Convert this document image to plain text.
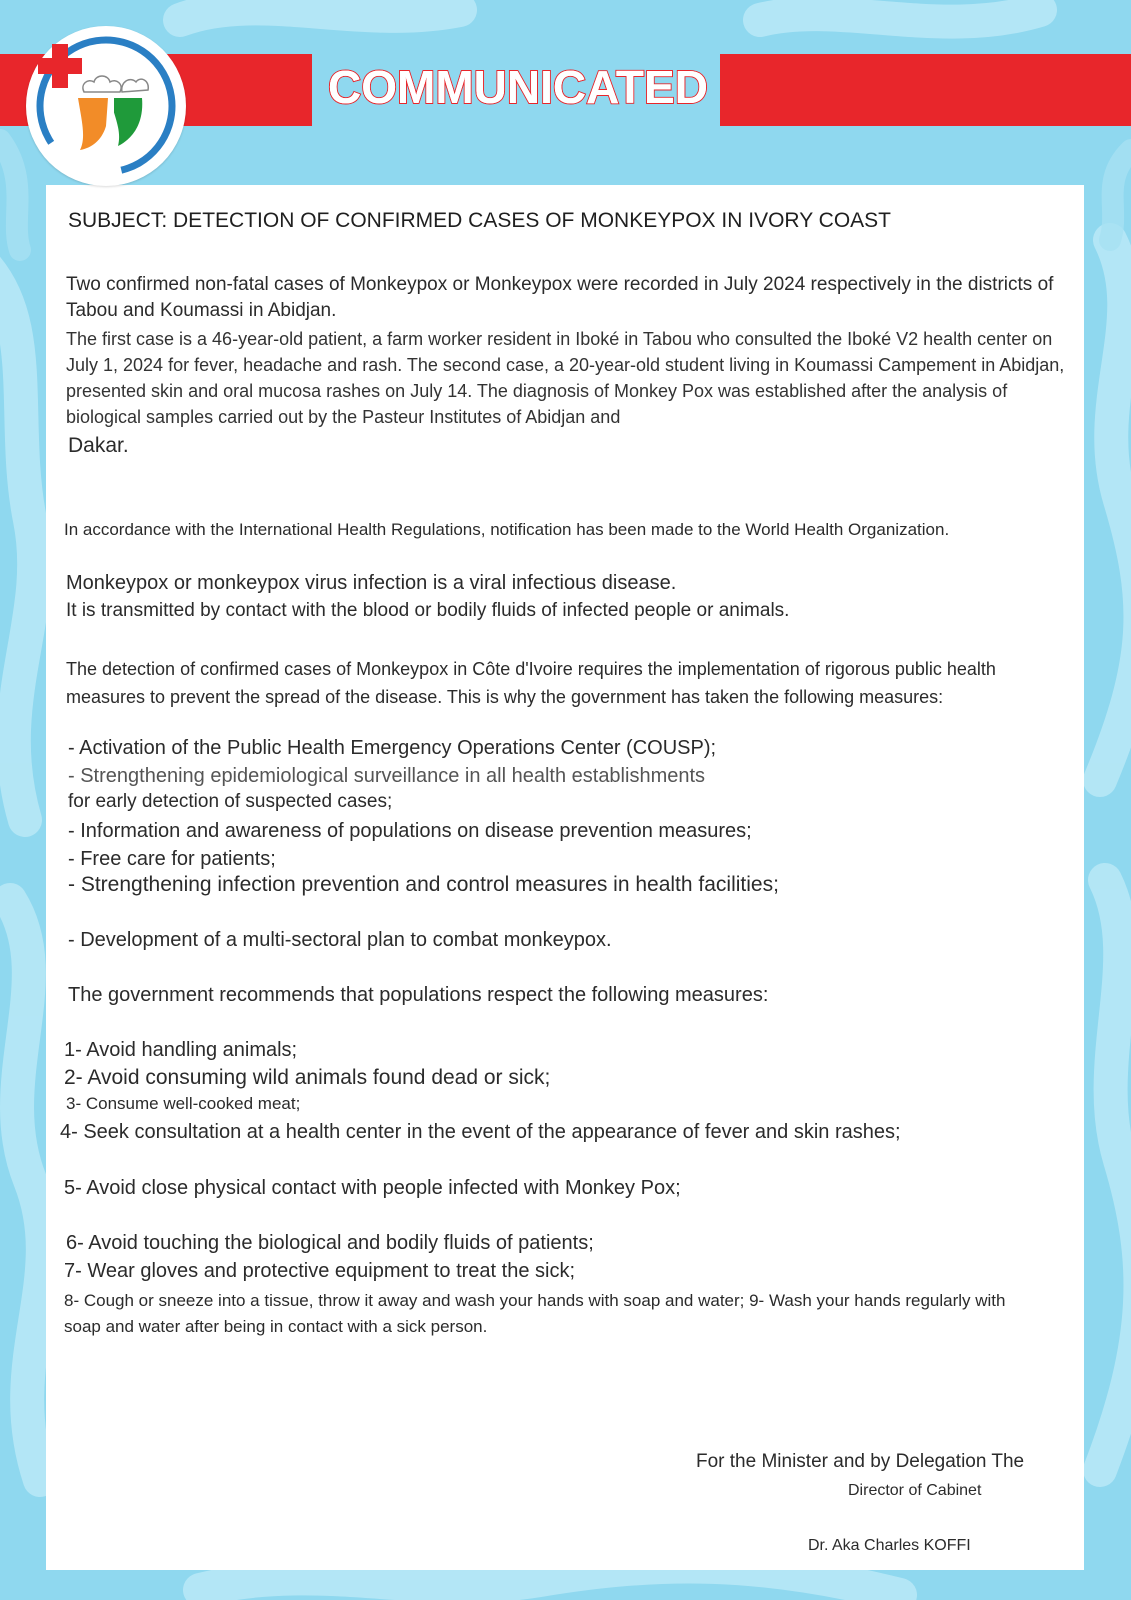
COMMUNICATED

SUBJECT: DETECTION OF CONFIRMED CASES OF MONKEYPOX IN IVORY COAST

Two confirmed non-fatal cases of Monkeypox or Monkeypox were recorded in July 2024 respectively in the districts of Tabou and Koumassi in Abidjan.

The first case is a 46-year-old patient, a farm worker resident in Iboké in Tabou who consulted the Iboké V2 health center on July 1, 2024 for fever, headache and rash. The second case, a 20-year-old student living in Koumassi Campement in Abidjan, presented skin and oral mucosa rashes on July 14. The diagnosis of Monkey Pox was established after the analysis of biological samples carried out by the Pasteur Institutes of Abidjan and

Dakar.

In accordance with the International Health Regulations, notification has been made to the World Health Organization.

Monkeypox or monkeypox virus infection is a viral infectious disease.

It is transmitted by contact with the blood or bodily fluids of infected people or animals.

The detection of confirmed cases of Monkeypox in Côte d'Ivoire requires the implementation of rigorous public health measures to prevent the spread of the disease. This is why the government has taken the following measures:

- Activation of the Public Health Emergency Operations Center (COUSP);

- Strengthening epidemiological surveillance in all health establishments

for early detection of suspected cases;

- Information and awareness of populations on disease prevention measures;

- Free care for patients;

- Strengthening infection prevention and control measures in health facilities;

- Development of a multi-sectoral plan to combat monkeypox.

The government recommends that populations respect the following measures:

1- Avoid handling animals;

2- Avoid consuming wild animals found dead or sick;

3- Consume well-cooked meat;

4- Seek consultation at a health center in the event of the appearance of fever and skin rashes;

5- Avoid close physical contact with people infected with Monkey Pox;

6- Avoid touching the biological and bodily fluids of patients;

7- Wear gloves and protective equipment to treat the sick;

8- Cough or sneeze into a tissue, throw it away and wash your hands with soap and water; 9- Wash your hands regularly with soap and water after being in contact with a sick person.

For the Minister and by Delegation The

Director of Cabinet

Dr. Aka Charles KOFFI
